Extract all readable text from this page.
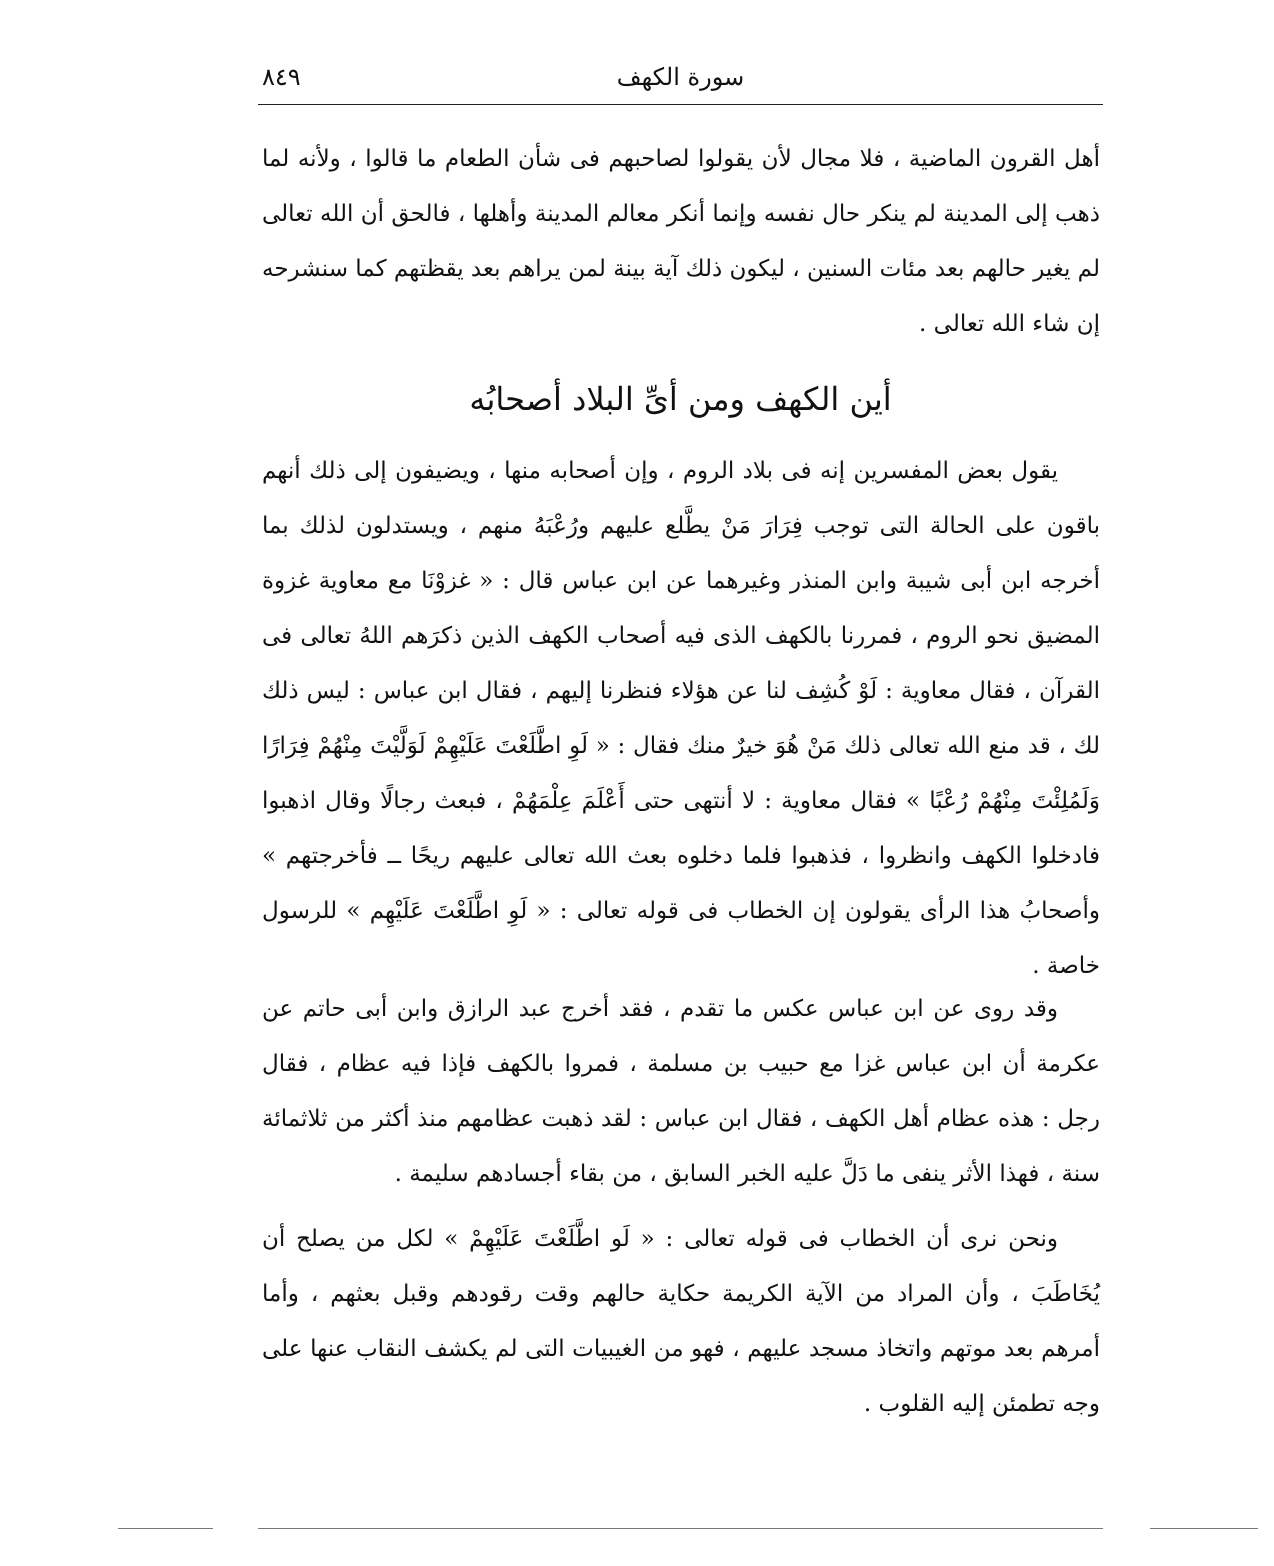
سورة الكهف
٨٤٩

أهل القرون الماضية ، فلا مجال لأن يقولوا لصاحبهم فى شأن الطعام ما قالوا ، ولأنه لما ذهب إلى المدينة لم ينكر حال نفسه وإنما أنكر معالم المدينة وأهلها ، فالحق أن الله تعالى لم يغير حالهم بعد مئات السنين ، ليكون ذلك آية بينة لمن يراهم بعد يقظتهم كما سنشرحه إن شاء الله تعالى .

أين الكهف ومن أىِّ البلاد أصحابُه

يقول بعض المفسرين إنه فى بلاد الروم ، وإن أصحابه منها ، ويضيفون إلى ذلك أنهم باقون على الحالة التى توجب فِرَارَ مَنْ يطَّلع عليهم ورُعْبَهُ منهم ، ويستدلون لذلك بما أخرجه ابن أبى شيبة وابن المنذر وغيرهما عن ابن عباس قال : « غزوْنَا مع معاوية غزوة المضيق نحو الروم ، فمررنا بالكهف الذى فيه أصحاب الكهف الذين ذكرَهم اللهُ تعالى فى القرآن ، فقال معاوية : لَوْ كُشِف لنا عن هؤلاء فنظرنا إليهم ، فقال ابن عباس : ليس ذلك لك ، قد منع الله تعالى ذلك مَنْ هُوَ خيرٌ منك فقال : « لَوِ اطَّلَعْتَ عَلَيْهِمْ لَوَلَّيْتَ مِنْهُمْ فِرَارًا وَلَمُلِئْتَ مِنْهُمْ رُعْبًا » فقال معاوية : لا أنتهى حتى أَعْلَمَ عِلْمَهُمْ ، فبعث رجالًا وقال اذهبوا فادخلوا الكهف وانظروا ، فذهبوا فلما دخلوه بعث الله تعالى عليهم ريحًا ــ فأخرجتهم » وأصحابُ هذا الرأى يقولون إن الخطاب فى قوله تعالى : « لَوِ اطَّلَعْتَ عَلَيْهِم » للرسول خاصة .

وقد روى عن ابن عباس عكس ما تقدم ، فقد أخرج عبد الرازق وابن أبى حاتم عن عكرمة أن ابن عباس غزا مع حبيب بن مسلمة ، فمروا بالكهف فإذا فيه عظام ، فقال رجل : هذه عظام أهل الكهف ، فقال ابن عباس : لقد ذهبت عظامهم منذ أكثر من ثلاثمائة سنة ، فهذا الأثر ينفى ما دَلَّ عليه الخبر السابق ، من بقاء أجسادهم سليمة .

ونحن نرى أن الخطاب فى قوله تعالى : « لَو اطَّلَعْتَ عَلَيْهِمْ » لكل من يصلح أن يُخَاطَبَ ، وأن المراد من الآية الكريمة حكاية حالهم وقت رقودهم وقبل بعثهم ، وأما أمرهم بعد موتهم واتخاذ مسجد عليهم ، فهو من الغيبيات التى لم يكشف النقاب عنها على وجه تطمئن إليه القلوب .
